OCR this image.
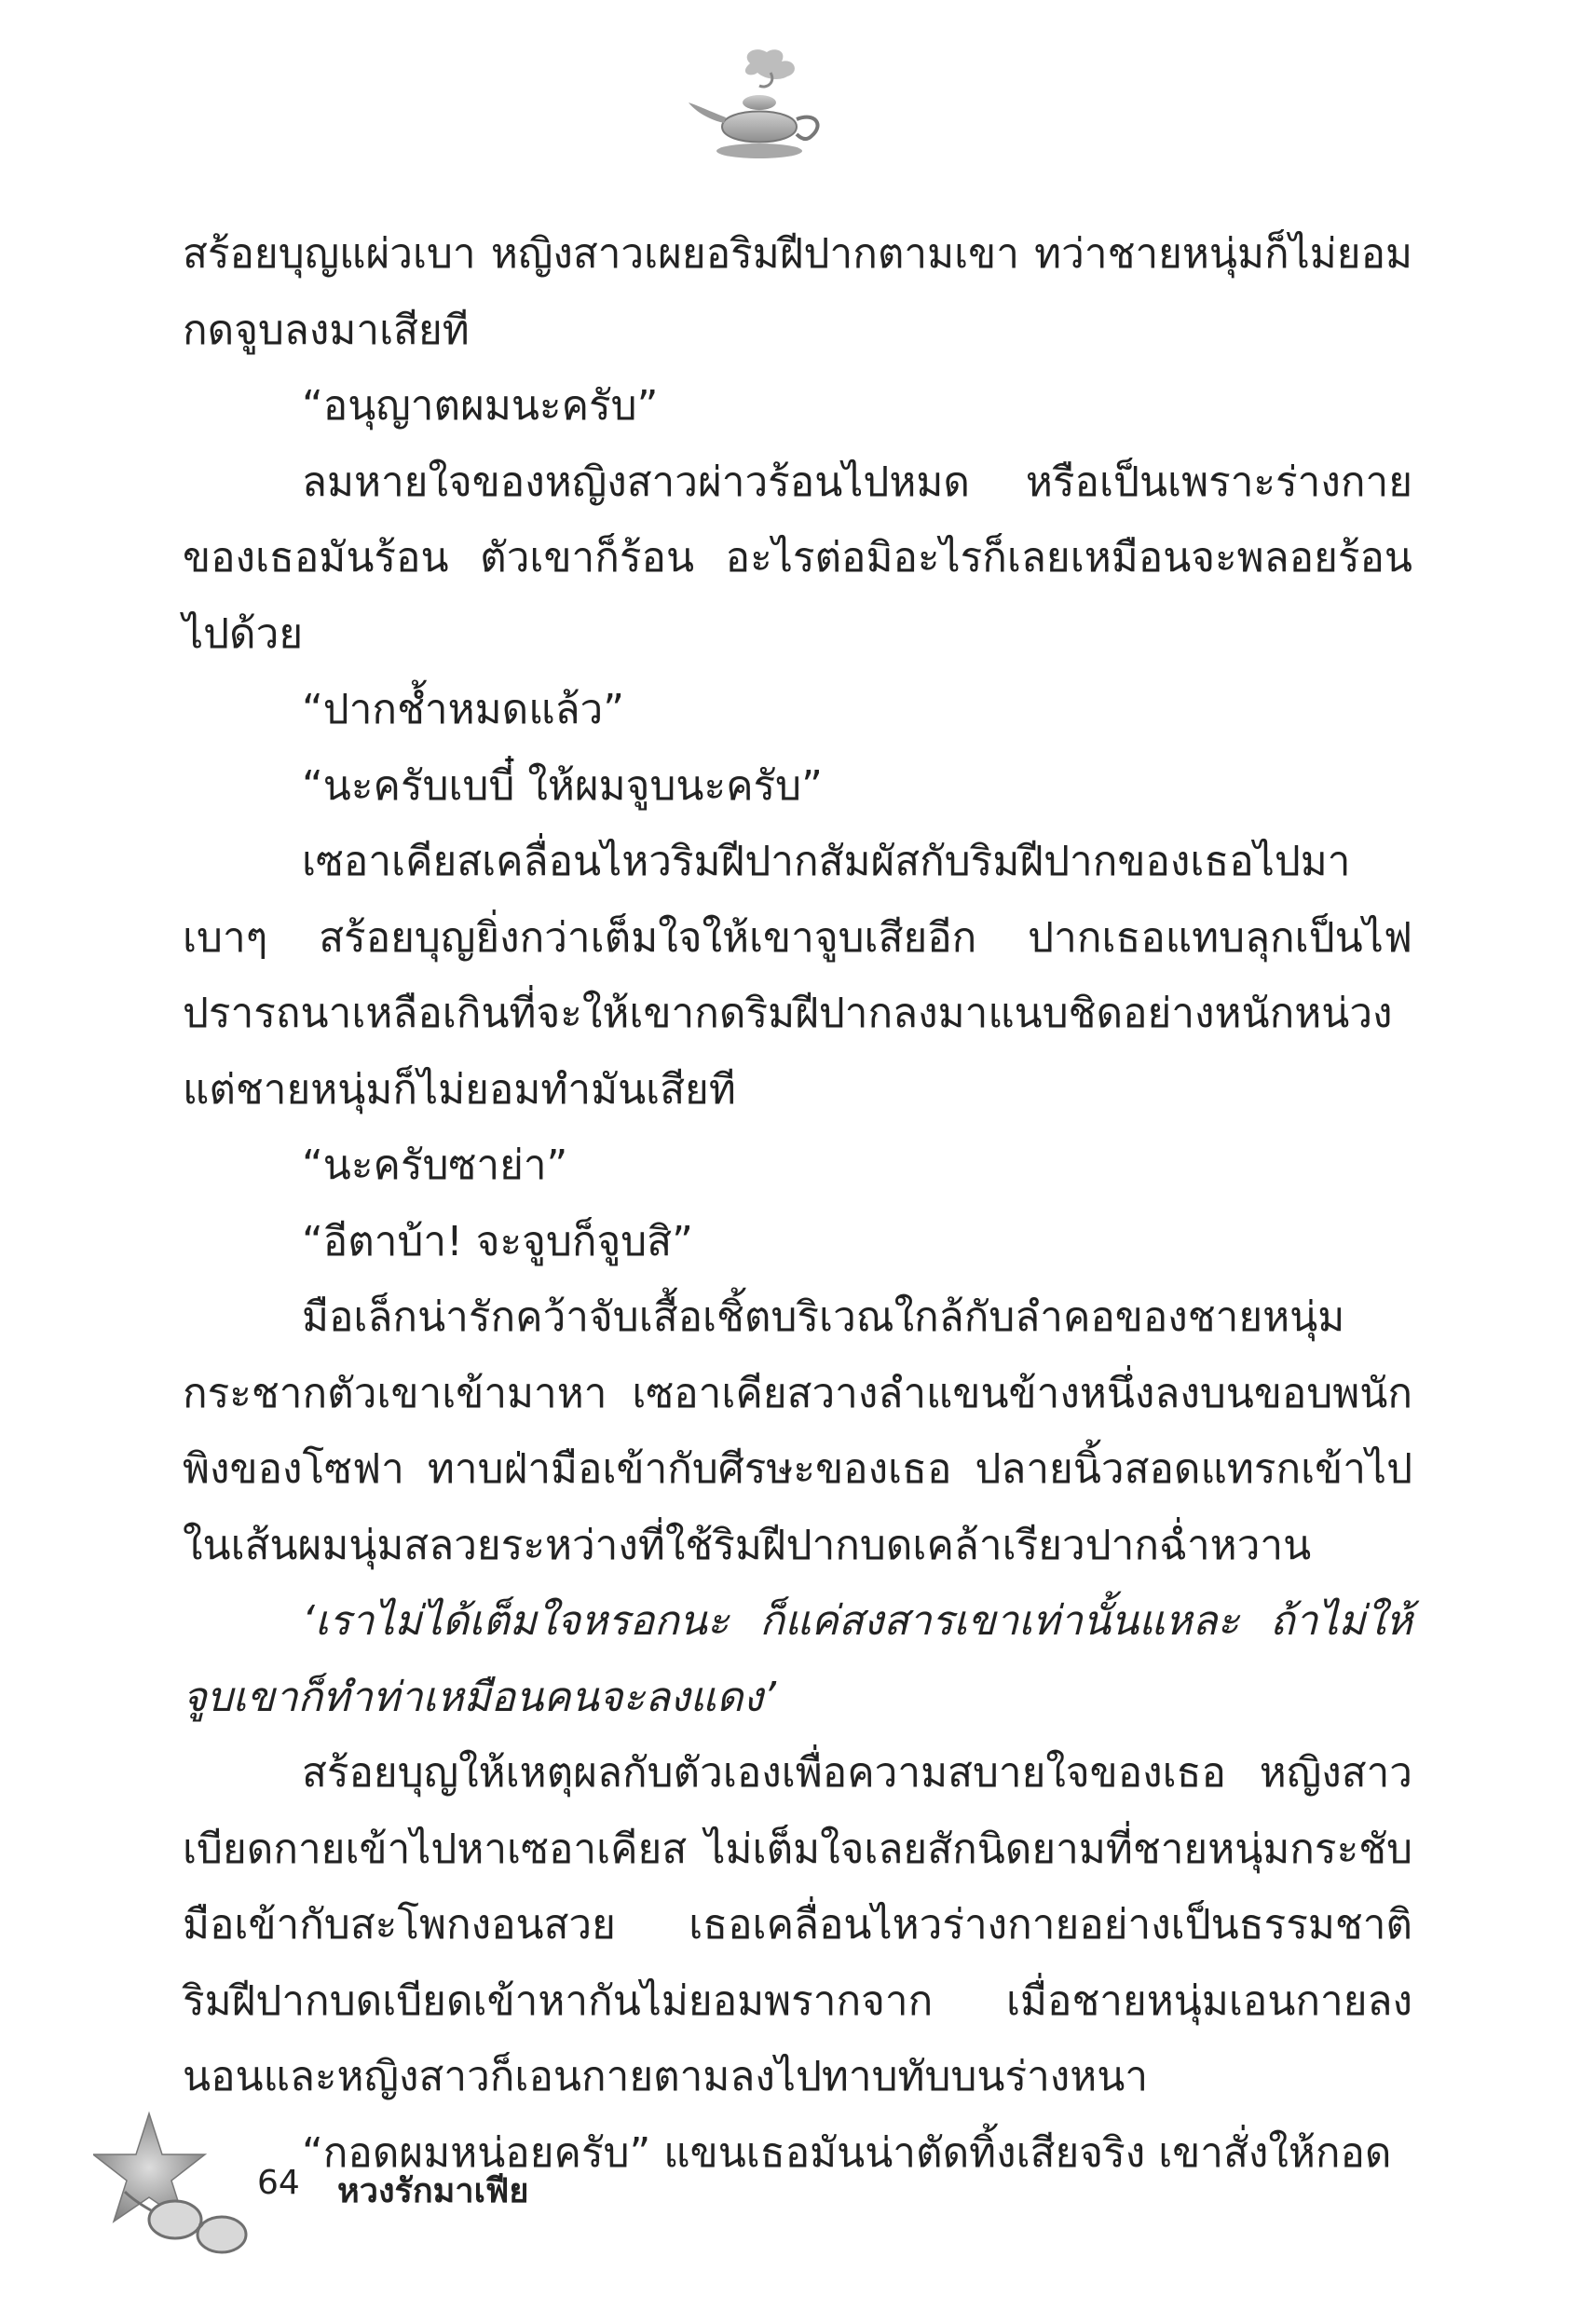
สร้อยบุญแผ่วเบา หญิงสาวเผยอริมฝีปากตามเขา ทว่าชายหนุ่มก็ไม่ยอมกดจูบลงมาเสียที

“อนุญาตผมนะครับ”

ลมหายใจของหญิงสาวผ่าวร้อนไปหมด หรือเป็นเพราะร่างกายของเธอมันร้อน ตัวเขาก็ร้อน อะไรต่อมิอะไรก็เลยเหมือนจะพลอยร้อนไปด้วย

“ปากช้ำหมดแล้ว”

“นะครับเบบี๋ ให้ผมจูบนะครับ”

เซอาเคียสเคลื่อนไหวริมฝีปากสัมผัสกับริมฝีปากของเธอไปมาเบาๆ สร้อยบุญยิ่งกว่าเต็มใจให้เขาจูบเสียอีก ปากเธอแทบลุกเป็นไฟปรารถนาเหลือเกินที่จะให้เขากดริมฝีปากลงมาแนบชิดอย่างหนักหน่วงแต่ชายหนุ่มก็ไม่ยอมทำมันเสียที

“นะครับซาย่า”

“อีตาบ้า! จะจูบก็จูบสิ”

มือเล็กน่ารักคว้าจับเสื้อเชิ้ตบริเวณใกล้กับลำคอของชายหนุ่มกระชากตัวเขาเข้ามาหา เซอาเคียสวางลำแขนข้างหนึ่งลงบนขอบพนักพิงของโซฟา ทาบฝ่ามือเข้ากับศีรษะของเธอ ปลายนิ้วสอดแทรกเข้าไปในเส้นผมนุ่มสลวยระหว่างที่ใช้ริมฝีปากบดเคล้าเรียวปากฉ่ำหวาน

‘เราไม่ได้เต็มใจหรอกนะ ก็แค่สงสารเขาเท่านั้นแหละ ถ้าไม่ให้จูบเขาก็ทำท่าเหมือนคนจะลงแดง’

สร้อยบุญให้เหตุผลกับตัวเองเพื่อความสบายใจของเธอ หญิงสาวเบียดกายเข้าไปหาเซอาเคียส ไม่เต็มใจเลยสักนิดยามที่ชายหนุ่มกระชับมือเข้ากับสะโพกงอนสวย เธอเคลื่อนไหวร่างกายอย่างเป็นธรรมชาติ ริมฝีปากบดเบียดเข้าหากันไม่ยอมพรากจาก เมื่อชายหนุ่มเอนกายลงนอนและหญิงสาวก็เอนกายตามลงไปทาบทับบนร่างหนา

“กอดผมหน่อยครับ” แขนเธอมันน่าตัดทิ้งเสียจริง เขาสั่งให้กอด

64 หวงรักมาเฟีย
